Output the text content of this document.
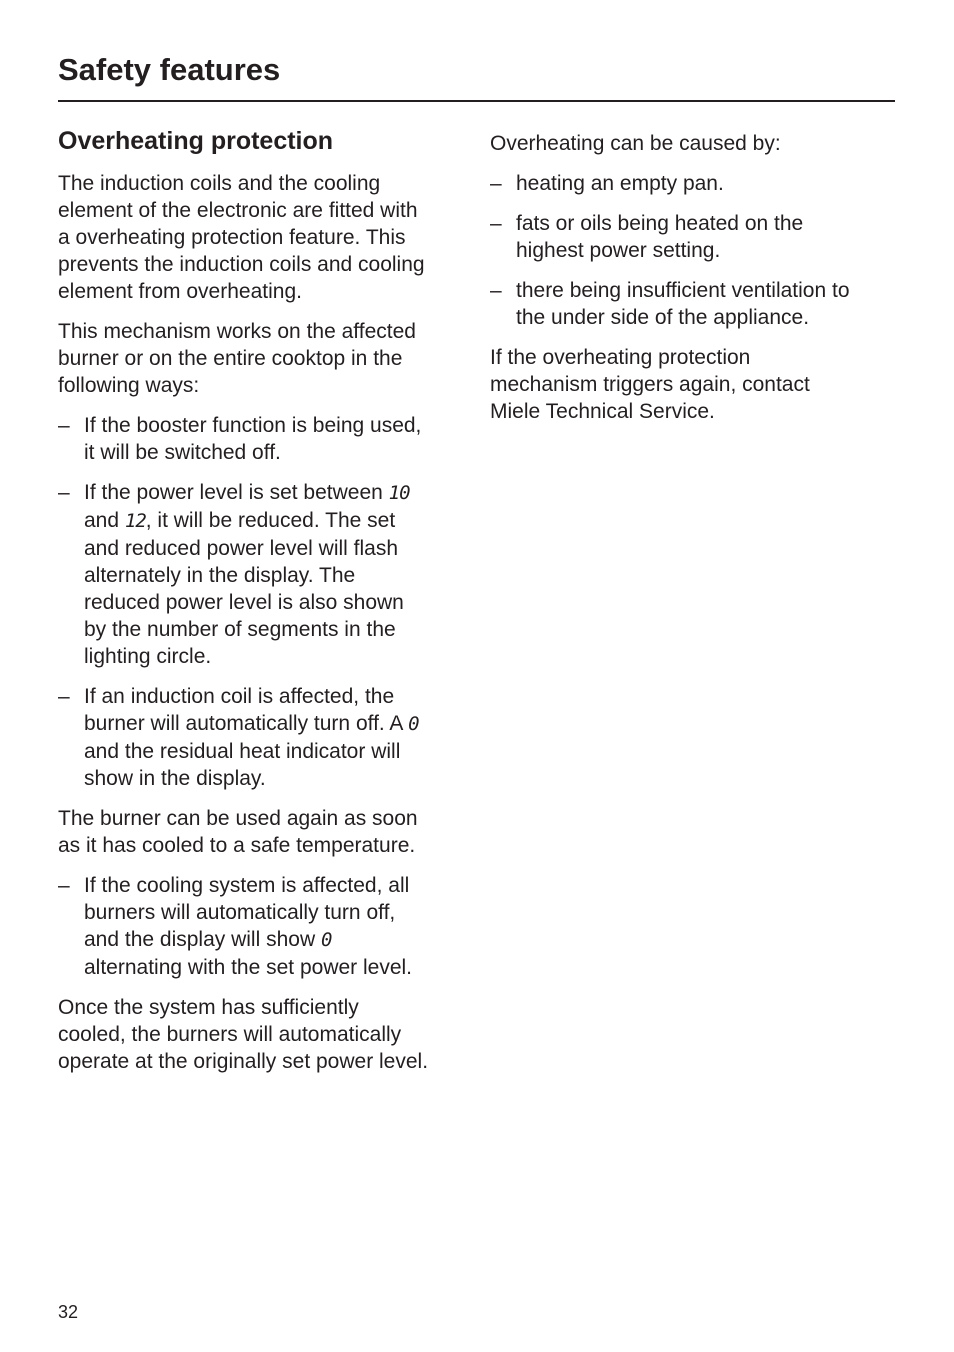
Safety features
Overheating protection
The induction coils and the cooling
element of the electronic are fitted with
a overheating protection feature. This
prevents the induction coils and cooling
element from overheating.
This mechanism works on the affected
burner or on the entire cooktop in the
following ways:
– If the booster function is being used,
it will be switched off.
– If the power level is set between 10
and 12, it will be reduced. The set
and reduced power level will flash
alternately in the display. The
reduced power level is also shown
by the number of segments in the
lighting circle.
– If an induction coil is affected, the
burner will automatically turn off. A 0
and the residual heat indicator will
show in the display.
The burner can be used again as soon
as it has cooled to a safe temperature.
– If the cooling system is affected, all
burners will automatically turn off,
and the display will show 0
alternating with the set power level.
Once the system has sufficiently
cooled, the burners will automatically
operate at the originally set power level.
Overheating can be caused by:
– heating an empty pan.
– fats or oils being heated on the
highest power setting.
– there being insufficient ventilation to
the under side of the appliance.
If the overheating protection
mechanism triggers again, contact
Miele Technical Service.
32
